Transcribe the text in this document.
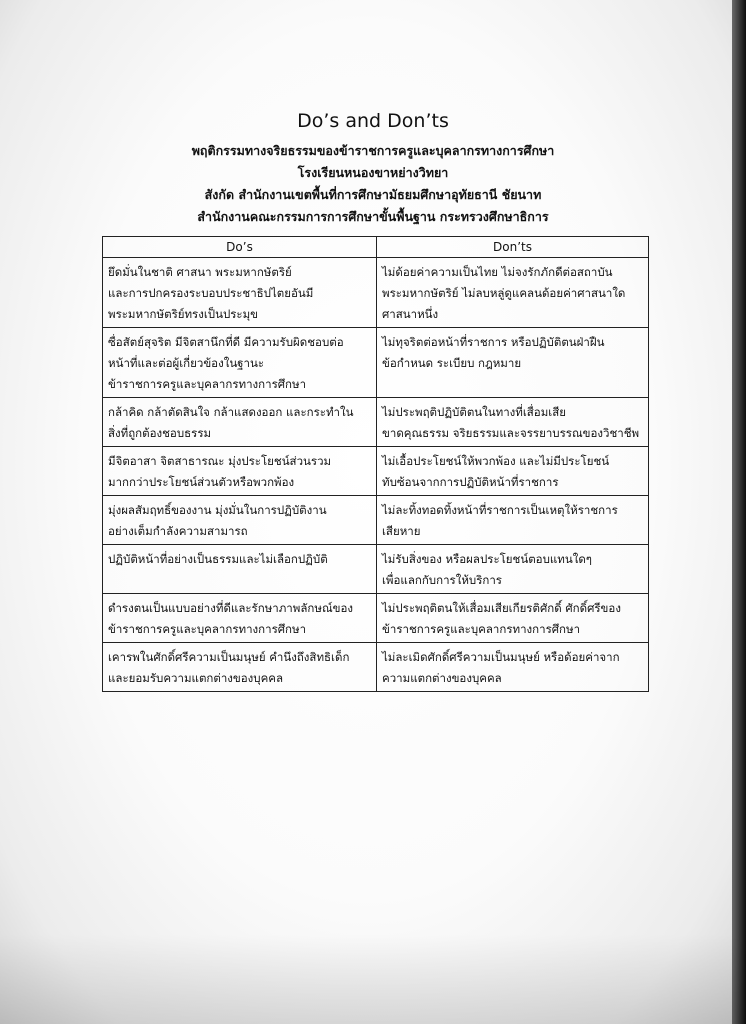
Do’s and Don’ts
พฤติกรรมทางจริยธรรมของข้าราชการครูและบุคลากรทางการศึกษา
โรงเรียนหนองขาหย่างวิทยา
สังกัด สำนักงานเขตพื้นที่การศึกษามัธยมศึกษาอุทัยธานี ชัยนาท
สำนักงานคณะกรรมการการศึกษาขั้นพื้นฐาน กระทรวงศึกษาธิการ
Do’s	Don’ts

ยึดมั่นในชาติ ศาสนา พระมหากษัตริย์
และการปกครองระบอบประชาธิปไตยอันมี
พระมหากษัตริย์ทรงเป็นประมุข	ไม่ด้อยค่าความเป็นไทย ไม่จงรักภักดีต่อสถาบัน
พระมหากษัตริย์ ไม่ลบหลู่ดูแคลนด้อยค่าศาสนาใด
ศาสนาหนึ่ง

ซื่อสัตย์สุจริต มีจิตสานึกที่ดี มีความรับผิดชอบต่อ
หน้าที่และต่อผู้เกี่ยวข้องในฐานะ
ข้าราชการครูและบุคลากรทางการศึกษา	ไม่ทุจริตต่อหน้าที่ราชการ หรือปฏิบัติตนฝ่าฝืน
ข้อกำหนด ระเบียบ กฎหมาย

กล้าคิด กล้าตัดสินใจ กล้าแสดงออก และกระทำใน
สิ่งที่ถูกต้องชอบธรรม	ไม่ประพฤติปฏิบัติตนในทางที่เสื่อมเสีย
ขาดคุณธรรม จริยธรรมและจรรยาบรรณของวิชาชีพ

มีจิตอาสา จิตสาธารณะ มุ่งประโยชน์ส่วนรวม
มากกว่าประโยชน์ส่วนตัวหรือพวกพ้อง	ไม่เอื้อประโยชน์ให้พวกพ้อง และไม่มีประโยชน์
ทับซ้อนจากการปฏิบัติหน้าที่ราชการ

มุ่งผลสัมฤทธิ์ของงาน มุ่งมั่นในการปฏิบัติงาน
อย่างเต็มกำลังความสามารถ	ไม่ละทิ้งทอดทิ้งหน้าที่ราชการเป็นเหตุให้ราชการ
เสียหาย

ปฏิบัติหน้าที่อย่างเป็นธรรมและไม่เลือกปฏิบัติ	ไม่รับสิ่งของ หรือผลประโยชน์ตอบแทนใดๆ
เพื่อแลกกับการให้บริการ

ดำรงตนเป็นแบบอย่างที่ดีและรักษาภาพลักษณ์ของ
ข้าราชการครูและบุคลากรทางการศึกษา	ไม่ประพฤติตนให้เสื่อมเสียเกียรติศักดิ์ ศักดิ์ศรีของ
ข้าราชการครูและบุคลากรทางการศึกษา

เคารพในศักดิ์ศรีความเป็นมนุษย์ คำนึงถึงสิทธิเด็ก
และยอมรับความแตกต่างของบุคคล	ไม่ละเมิดศักดิ์ศรีความเป็นมนุษย์ หรือด้อยค่าจาก
ความแตกต่างของบุคคล
